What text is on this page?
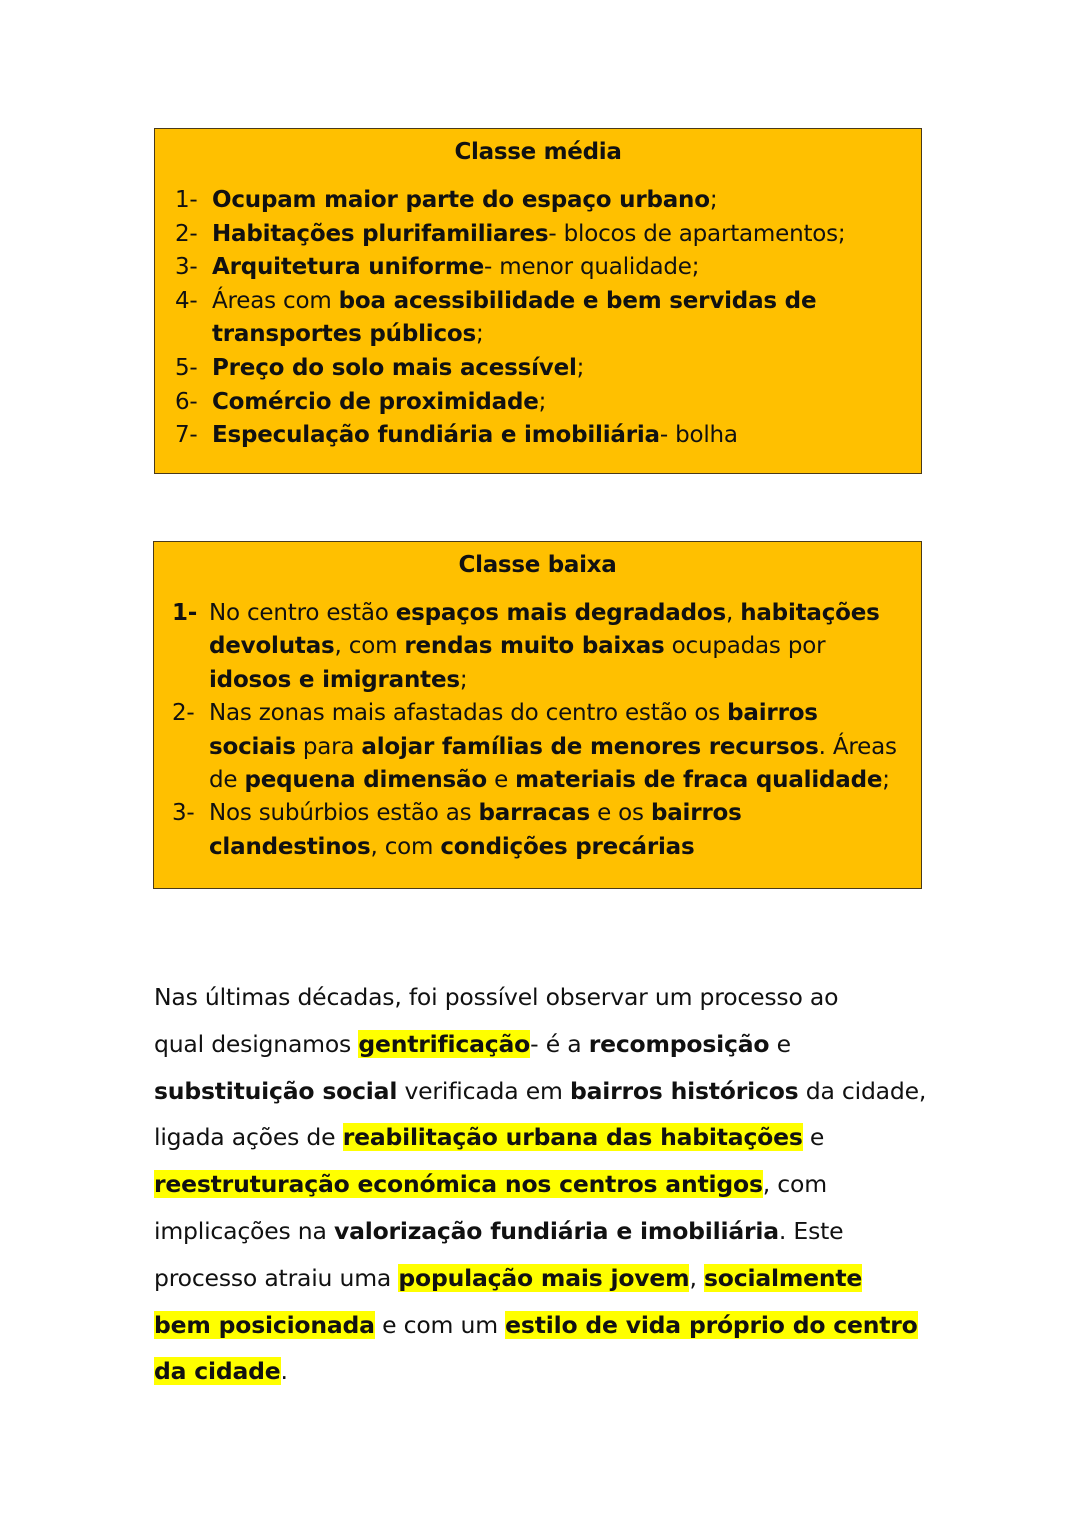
Classe média
1- Ocupam maior parte do espaço urbano;
2- Habitações plurifamiliares- blocos de apartamentos;
3- Arquitetura uniforme- menor qualidade;
4- Áreas com boa acessibilidade e bem servidas de
transportes públicos;
5- Preço do solo mais acessível;
6- Comércio de proximidade;
7- Especulação fundiária e imobiliária- bolha
Classe baixa
1- No centro estão espaços mais degradados, habitações
devolutas, com rendas muito baixas ocupadas por
idosos e imigrantes;
2- Nas zonas mais afastadas do centro estão os bairros
sociais para alojar famílias de menores recursos. Áreas
de pequena dimensão e materiais de fraca qualidade;
3- Nos subúrbios estão as barracas e os bairros
clandestinos, com condições precárias
Nas últimas décadas, foi possível observar um processo ao
qual designamos gentrificação- é a recomposição e
substituição social verificada em bairros históricos da cidade,
ligada ações de reabilitação urbana das habitações e
reestruturação económica nos centros antigos, com
implicações na valorização fundiária e imobiliária. Este
processo atraiu uma população mais jovem, socialmente
bem posicionada e com um estilo de vida próprio do centro
da cidade.
